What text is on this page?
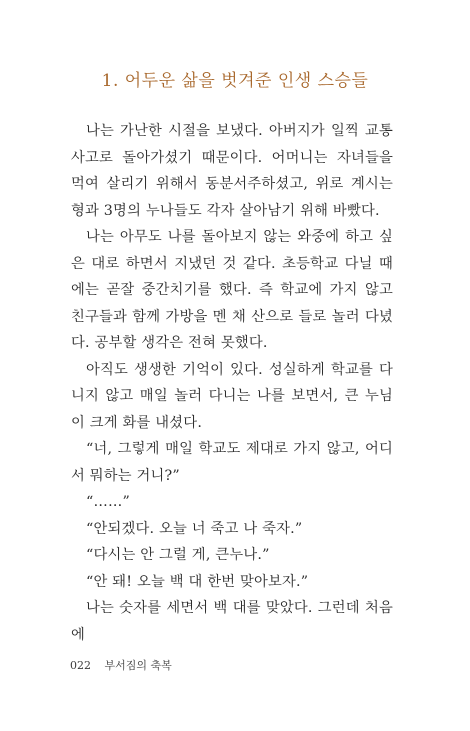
1. 어두운 삶을 벗겨준 인생 스승들

나는 가난한 시절을 보냈다. 아버지가 일찍 교통사고로 돌아가셨기 때문이다. 어머니는 자녀들을 먹여 살리기 위해서 동분서주하셨고, 위로 계시는 형과 3명의 누나들도 각자 살아남기 위해 바빴다.

나는 아무도 나를 돌아보지 않는 와중에 하고 싶은 대로 하면서 지냈던 것 같다. 초등학교 다닐 때에는 곧잘 중간치기를 했다. 즉 학교에 가지 않고 친구들과 함께 가방을 멘 채 산으로 들로 놀러 다녔다. 공부할 생각은 전혀 못했다.

아직도 생생한 기억이 있다. 성실하게 학교를 다니지 않고 매일 놀러 다니는 나를 보면서, 큰 누님이 크게 화를 내셨다.

“너, 그렇게 매일 학교도 제대로 가지 않고, 어디서 뭐하는 거니?”

“……”

“안되겠다. 오늘 너 죽고 나 죽자.”

“다시는 안 그럴 게, 큰누나.”

“안 돼! 오늘 백 대 한번 맞아보자.”

나는 숫자를 세면서 백 대를 맞았다. 그런데 처음에

022 부서짐의 축복
